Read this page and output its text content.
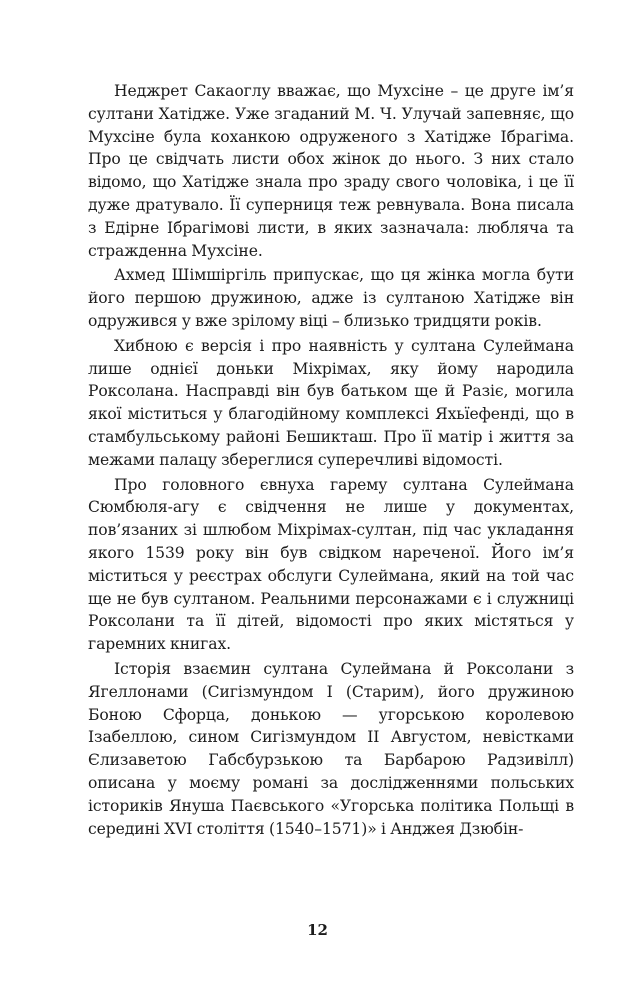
Неджрет Сакаоглу вважає, що Мухсіне – це друге ім’я султани Хатідже. Уже згаданий М. Ч. Улучай запевняє, що Мухсіне була коханкою одруженого з Хатідже Ібрагіма. Про це свідчать листи обох жінок до нього. З них стало відомо, що Хатідже знала про зраду свого чоловіка, і це її дуже дратувало. Її суперниця теж ревнувала. Вона писала з Едірне Ібрагімові листи, в яких зазначала: люблячa та стражденна Мухсіне.

Ахмед Шімшіргіль припускає, що ця жінка могла бути його першою дружиною, адже із султаною Хатідже він одружився у вже зрілому віці – близько тридцяти років.

Хибною є версія і про наявність у султана Сулеймана лише однієї доньки Міхрімах, яку йому народила Роксолана. Насправді він був батьком ще й Разіє, могила якої міститься у благодійному комплексі Яхьїефенді, що в стамбульському районі Бешикташ. Про її матір і життя за межами палацу збереглися суперечливі відомості.

Про головного євнуха гарему султана Сулеймана Сюмбюля-агу є свідчення не лише у документах, пов’язаних зі шлюбом Міхрімах-султан, під час укладання якого 1539 року він був свідком нареченої. Його ім’я міститься у реєстрах обслуги Сулеймана, який на той час ще не був султаном. Реальними персонажами є і служниці Роксолани та її дітей, відомості про яких містяться у гаремних книгах.

Історія взаємин султана Сулеймана й Роксолани з Ягеллонами (Сигізмундом I (Старим), його дружиною Боною Сфорца, донькою — угорською королевою Ізабеллою, сином Сигізмундом II Августом, невістками Єлизаветою Габсбурзькою та Барбарою Радзивілл) описана у моєму романі за дослідженнями польських істориків Януша Паєвського «Угорська політика Польщі в середині XVI століття (1540–1571)» і Анджея Дзюбін-

12
